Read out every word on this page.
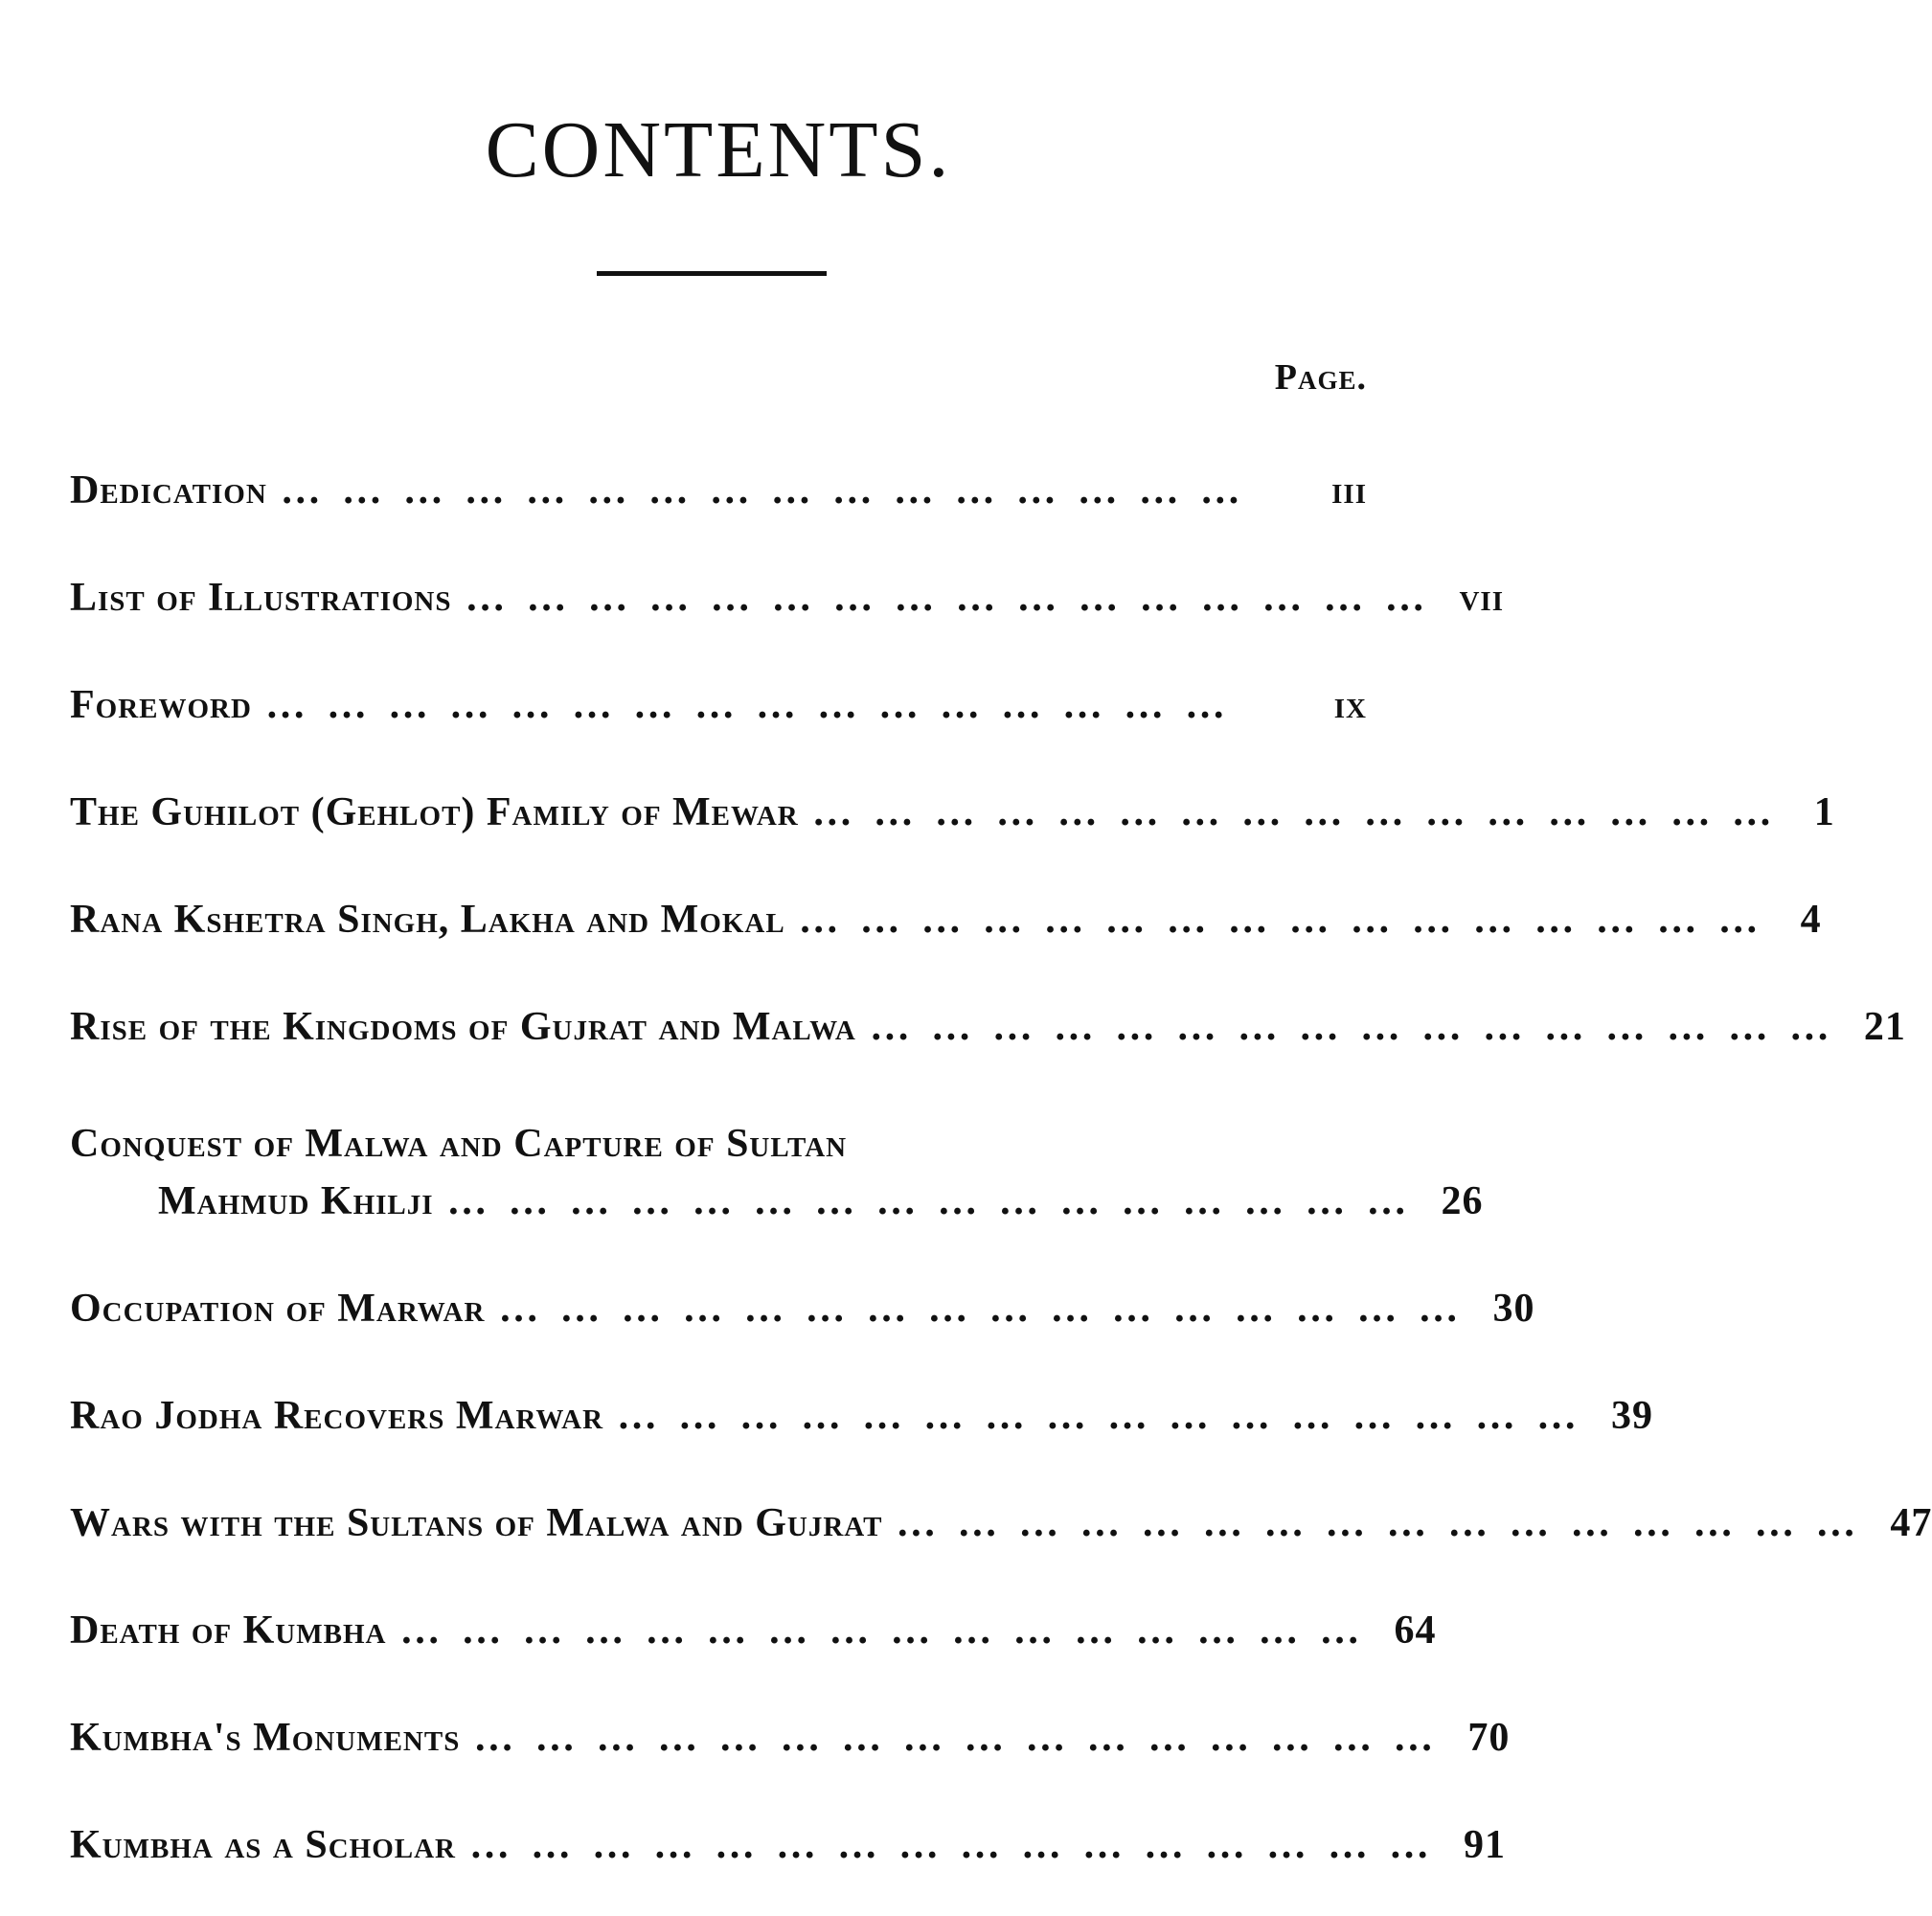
CONTENTS.
Page.
Dedication …………………………………………	iii
List of Illustrations ………………………………………… vii
Foreword …………………………………………	ix
The Guhilot (Gehlot) Family of Mewar ………………………………………… 1
Rana Kshetra Singh, Lakha and Mokal ………………………………………… 4
Rise of the Kingdoms of Gujrat and Malwa ………………………………………… 21
Conquest of Malwa and Capture of Sultan
Mahmud Khilji ………………………………………… 26
Occupation of Marwar ………………………………………… 30
Rao Jodha Recovers Marwar ………………………………………… 39
Wars with the Sultans of Malwa and Gujrat ………………………………………… 47
Death of Kumbha ………………………………………… 64
Kumbha's Monuments ………………………………………… 70
Kumbha as a Scholar ………………………………………… 91
